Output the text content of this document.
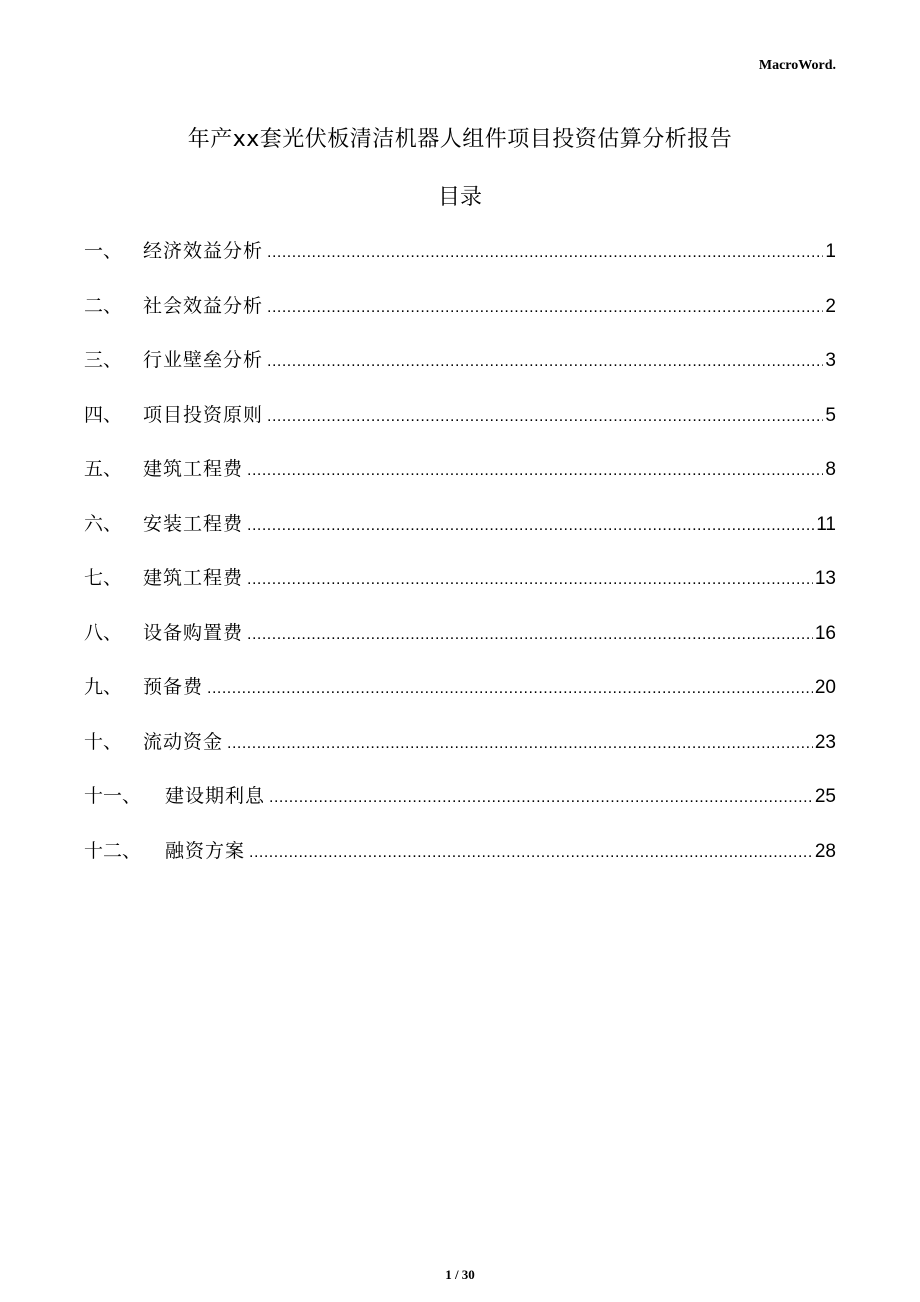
MacroWord.
年产xx套光伏板清洁机器人组件项目投资估算分析报告
目录
一、	经济效益分析 .....	1
二、	社会效益分析 .....	2
三、	行业壁垒分析 .....	3
四、	项目投资原则 .....	5
五、	建筑工程费 .....	8
六、	安装工程费 .....	11
七、	建筑工程费 .....	13
八、	设备购置费 .....	16
九、	预备费 .....	20
十、	流动资金 .....	23
十一、	建设期利息 .....	25
十二、	融资方案 .....	28
1 / 30
